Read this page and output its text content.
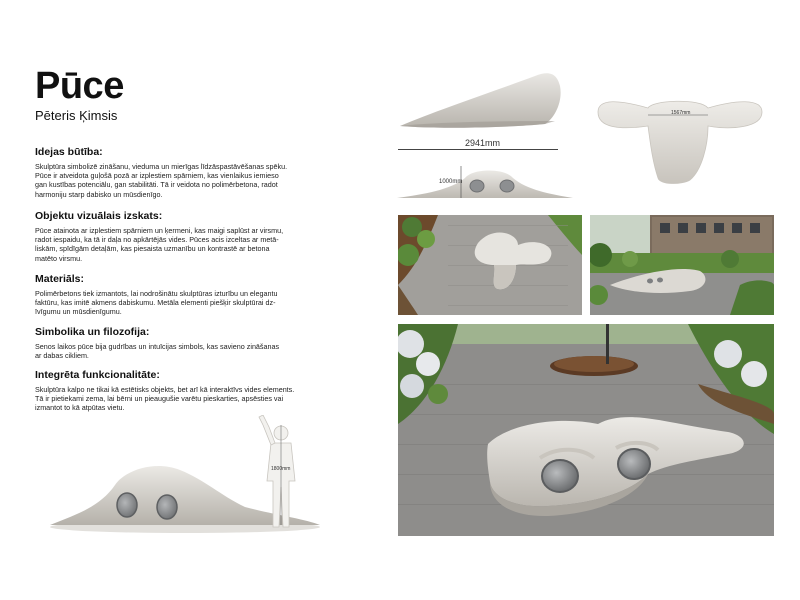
Pūce
Pēteris Ķimsis
Idejas būtība:

Skulptūra simbolizē zināšanu, vieduma un mierīgas līdzāspastāvēšanas spēku.
Pūce ir atveidota guļošā pozā ar izplestiem spārniem, kas vienlaikus iemieso
gan kustības potenciālu, gan stabilitāti. Tā ir veidota no polimērbetona, radot
harmoniju starp dabisko un mūsdienīgo.

Objektu vizuālais izskats:

Pūce atainota ar izplestiem spārniem un ķermeni, kas maigi saplūst ar virsmu,
radot iespaidu, ka tā ir daļa no apkārtējās vides. Pūces acis izceltas ar metā-
liskām, spīdīgām detaļām, kas piesaista uzmanību un kontrastē ar betona
matēto virsmu.

Materiāls:

Polimērbetons tiek izmantots, lai nodrošinātu skulptūras izturību un elegantu
faktūru, kas imitē akmens dabiskumu. Metāla elementi piešķir skulptūrai dz-
īvīgumu un mūsdienīgumu.

Simbolika un filozofija:

Senos laikos pūce bija gudrības un intuīcijas simbols, kas savieno zināšanas
ar dabas cikliem.

Integrēta funkcionalitāte:

Skulptūra kalpo ne tikai kā estētisks objekts, bet arī kā interaktīvs vides elements.
Tā ir pietiekami zema, lai bērni un pieaugušie varētu pieskarties, apsēsties vai
izmantot to kā atpūtas vietu.

2941mm
1000mm
1567mm
1800mm
